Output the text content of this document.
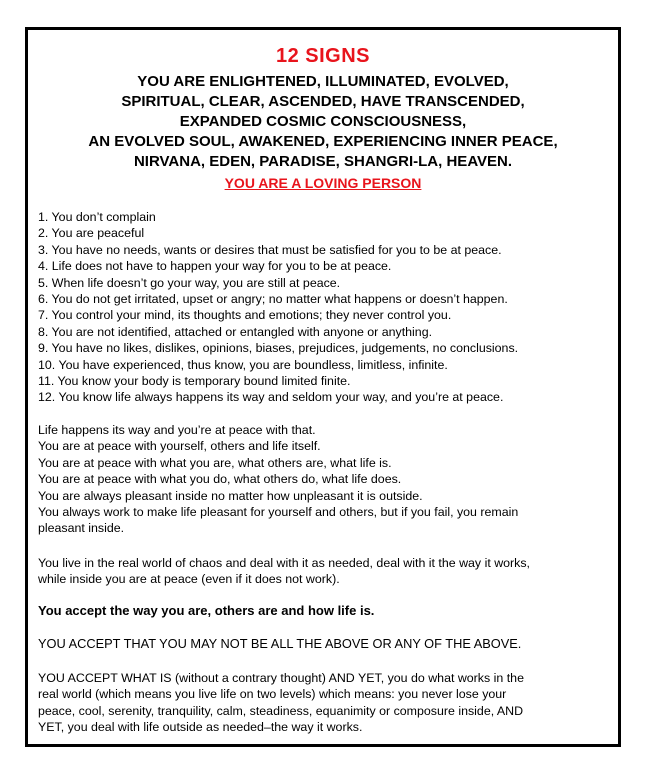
12 SIGNS
YOU ARE ENLIGHTENED, ILLUMINATED, EVOLVED,
SPIRITUAL, CLEAR, ASCENDED, HAVE TRANSCENDED,
EXPANDED COSMIC CONSCIOUSNESS,
AN EVOLVED SOUL, AWAKENED, EXPERIENCING INNER PEACE,
NIRVANA, EDEN, PARADISE, SHANGRI-LA, HEAVEN.
YOU ARE A LOVING PERSON
1. You don’t complain
2. You are peaceful
3. You have no needs, wants or desires that must be satisfied for you to be at peace.
4. Life does not have to happen your way for you to be at peace.
5. When life doesn’t go your way, you are still at peace.
6. You do not get irritated, upset or angry; no matter what happens or doesn’t happen.
7. You control your mind, its thoughts and emotions; they never control you.
8. You are not identified, attached or entangled with anyone or anything.
9. You have no likes, dislikes, opinions, biases, prejudices, judgements, no conclusions.
10. You have experienced, thus know, you are boundless, limitless, infinite.
11. You know your body is temporary bound limited finite.
12. You know life always happens its way and seldom your way, and you’re at peace.
Life happens its way and you’re at peace with that.
You are at peace with yourself, others and life itself.
You are at peace with what you are, what others are, what life is.
You are at peace with what you do, what others do, what life does.
You are always pleasant inside no matter how unpleasant it is outside.
You always work to make life pleasant for yourself and others, but if you fail, you remain
pleasant inside.
You live in the real world of chaos and deal with it as needed, deal with it the way it works,
while inside you are at peace (even if it does not work).
You accept the way you are, others are and how life is.
YOU ACCEPT THAT YOU MAY NOT BE ALL THE ABOVE OR ANY OF THE ABOVE.
YOU ACCEPT WHAT IS (without a contrary thought) AND YET, you do what works in the
real world (which means you live life on two levels) which means: you never lose your
peace, cool, serenity, tranquility, calm, steadiness, equanimity or composure inside, AND
YET, you deal with life outside as needed–the way it works.
